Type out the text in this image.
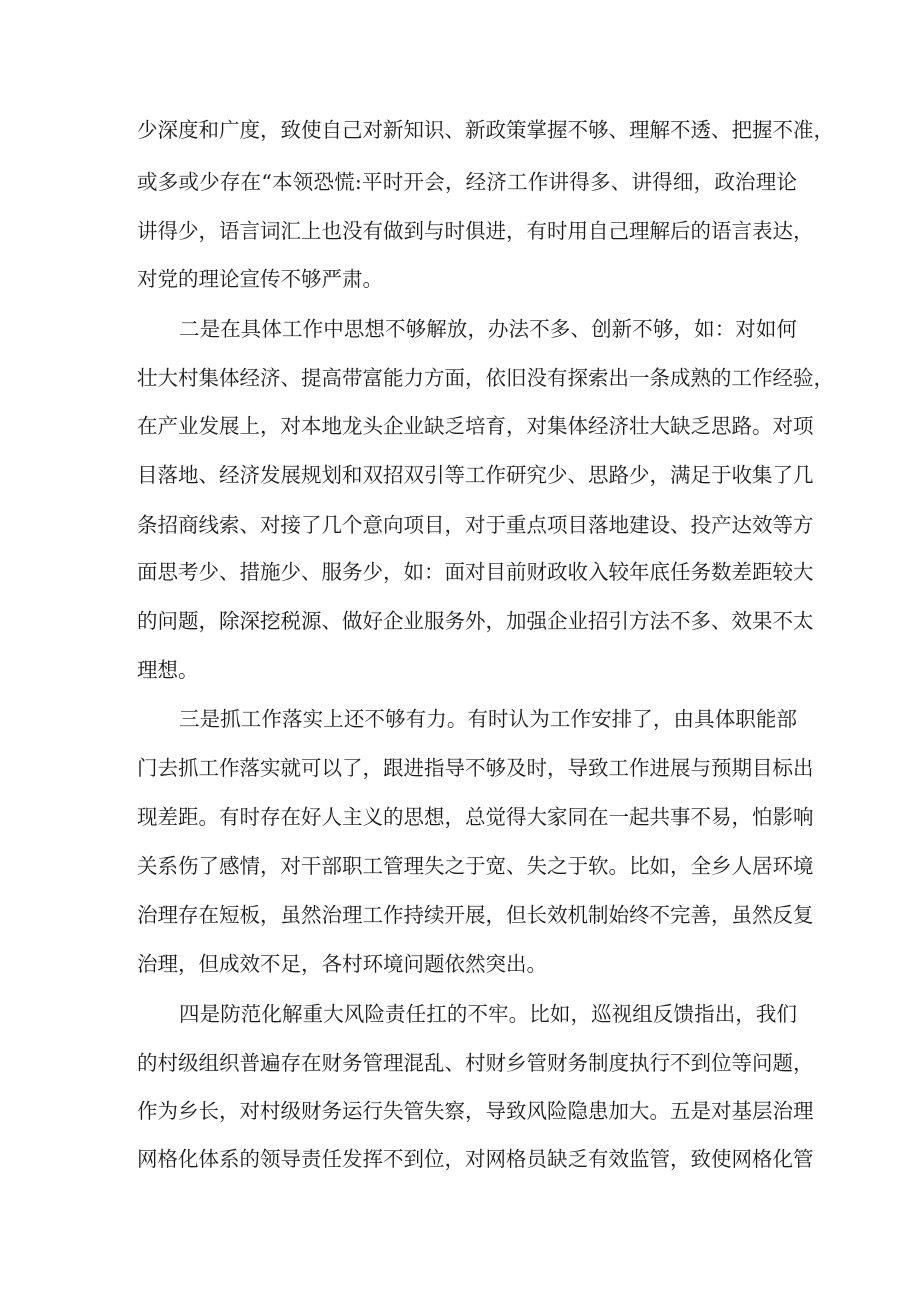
少深度和广度，致使自己对新知识、新政策掌握不够、理解不透、把握不准，
或多或少存在“本领恐慌:平时开会，经济工作讲得多、讲得细，政治理论
讲得少，语言词汇上也没有做到与时俱进，有时用自己理解后的语言表达，
对党的理论宣传不够严肃。
二是在具体工作中思想不够解放，办法不多、创新不够，如：对如何
壮大村集体经济、提高带富能力方面，依旧没有探索出一条成熟的工作经验，
在产业发展上，对本地龙头企业缺乏培育，对集体经济壮大缺乏思路。对项
目落地、经济发展规划和双招双引等工作研究少、思路少，满足于收集了几
条招商线索、对接了几个意向项目，对于重点项目落地建设、投产达效等方
面思考少、措施少、服务少，如：面对目前财政收入较年底任务数差距较大
的问题，除深挖税源、做好企业服务外，加强企业招引方法不多、效果不太
理想。
三是抓工作落实上还不够有力。有时认为工作安排了，由具体职能部
门去抓工作落实就可以了，跟进指导不够及时，导致工作进展与预期目标出
现差距。有时存在好人主义的思想，总觉得大家同在一起共事不易，怕影响
关系伤了感情，对干部职工管理失之于宽、失之于软。比如，全乡人居环境
治理存在短板，虽然治理工作持续开展，但长效机制始终不完善，虽然反复
治理，但成效不足，各村环境问题依然突出。
四是防范化解重大风险责任扛的不牢。比如，巡视组反馈指出，我们
的村级组织普遍存在财务管理混乱、村财乡管财务制度执行不到位等问题，
作为乡长，对村级财务运行失管失察，导致风险隐患加大。五是对基层治理
网格化体系的领导责任发挥不到位，对网格员缺乏有效监管，致使网格化管
